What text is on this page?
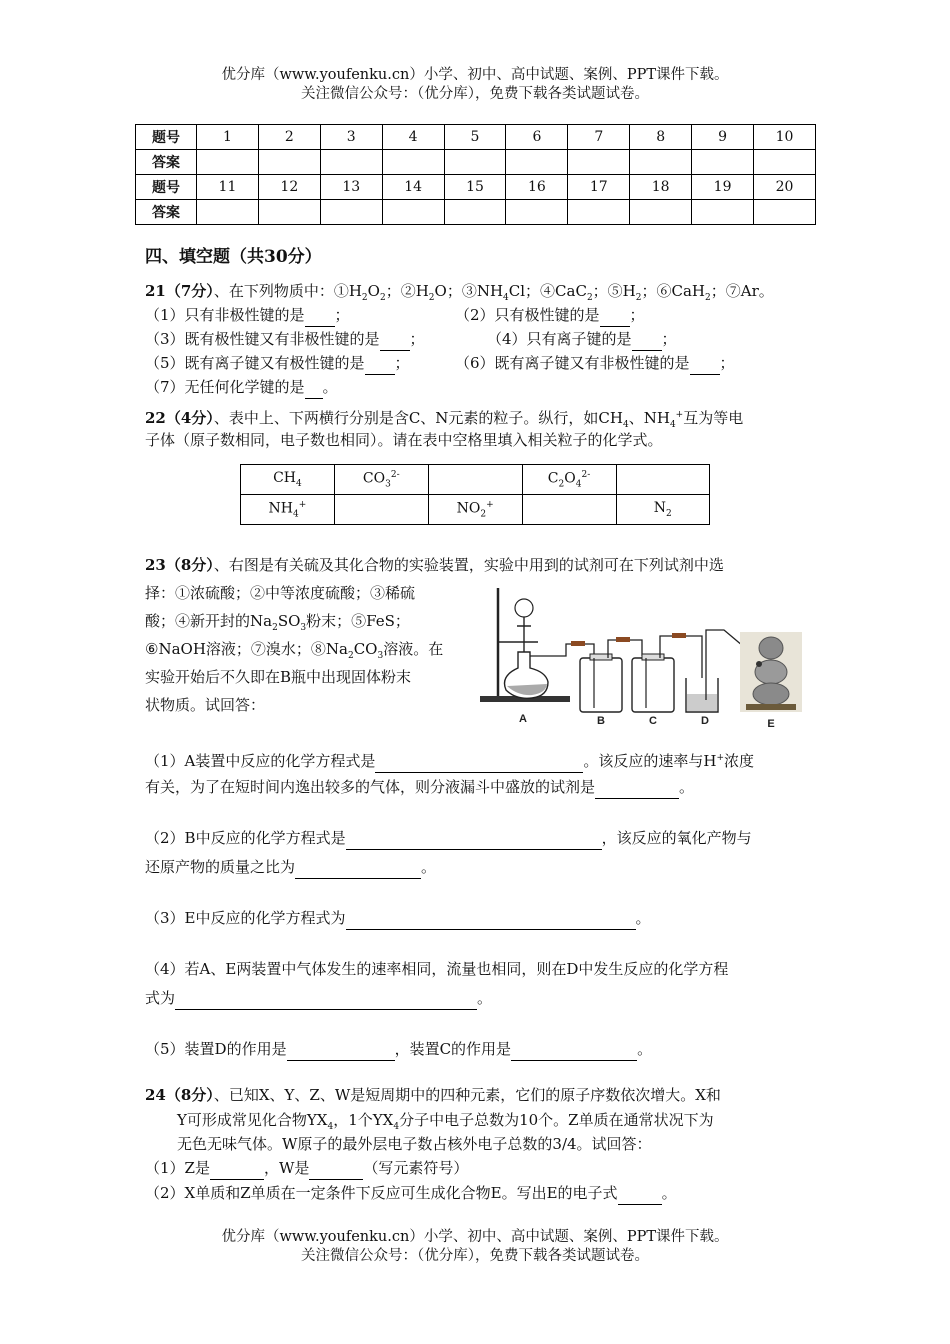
优分库（www.youfenku.cn）小学、初中、高中试题、案例、PPT课件下载。
关注微信公众号：（优分库），免费下载各类试题试卷。
题号	1	2	3	4	5	6	7	8	9	10
答案										
题号	11	12	13	14	15	16	17	18	19	20
答案										
四、填空题（共30分）
21（7分）、在下列物质中：$①H_2O_2$；$②H_2O$；$③NH_4Cl$；④CaC$_2$；$⑤H_2$；⑥CaH$_2$；⑦Ar。
（1）只有非极性键的是 ；	（2）只有极性键的是 ；
（3）既有极性键又有非极性键的是 ；	（4）只有离子键的是 ；
（5）既有离子键又有极性键的是 ；	（6）既有离子键又有非极性键的是 ；
（7）无任何化学键的是 。
22（4分）、表中上、下两横行分别是含C、N元素的粒子。纵行，如$CH_4$、$NH_4^+$互为等电
子体（原子数相同，电子数也相同）。请在表中空格里填入相关粒子的化学式。
$CH_4$	$CO_3^{2-}$		$C_2O_4^{2-}$	
$NH_4^+$		$NO_2^+$		$N_2$
23（8分）、右图是有关硫及其化合物的实验装置，实验中用到的试剂可在下列试剂中选
择：①浓硫酸；②中等浓度硫酸；③稀硫
酸；④新开封的$Na_2SO_3$粉末；⑤FeS；
⑥NaOH溶液；⑦溴水；$⑧Na_2CO_3$溶液。在
实验开始后不久即在B瓶中出现固体粉末
状物质。试回答：
A	B	C	D	E
（1）A装置中反应的化学方程式是	。该反应的速率与H+浓度
有关，为了在短时间内逸出较多的气体，则分液漏斗中盛放的试剂是	。
（2）B中反应的化学方程式是	，该反应的氧化产物与
还原产物的质量之比为	。
（3）E中反应的化学方程式为	。
（4）若A、E两装置中气体发生的速率相同，流量也相同，则在D中发生反应的化学方程
式为	。
（5）装置D的作用是	，装置C的作用是	。
24（8分）、已知X、Y、Z、W是短周期中的四种元素，它们的原子序数依次增大。X和
Y可形成常见化合物$YX_4$，1个$YX_4$分子中电子总数为10个。Z单质在通常状况下为
无色无味气体。W原子的最外层电子数占核外电子总数的3/4。试回答：
（1）Z是	，W是	（写元素符号）
（2）X单质和Z单质在一定条件下反应可生成化合物E。写出E的电子式	。
优分库（www.youfenku.cn）小学、初中、高中试题、案例、PPT课件下载。
关注微信公众号：（优分库），免费下载各类试题试卷。
